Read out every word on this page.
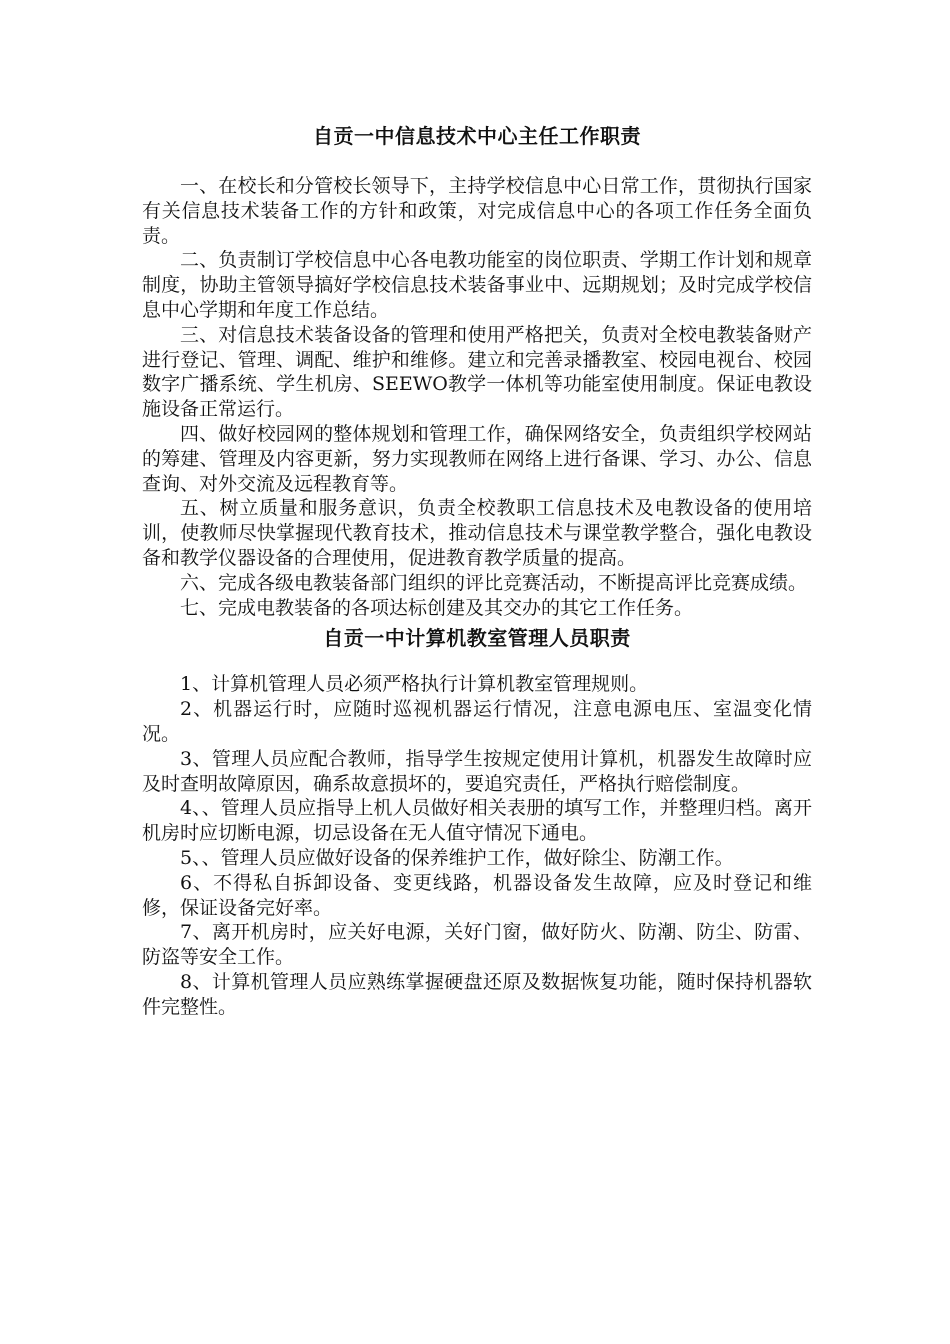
自贡一中信息技术中心主任工作职责

一、在校长和分管校长领导下，主持学校信息中心日常工作，贯彻执行国家有关信息技术装备工作的方针和政策，对完成信息中心的各项工作任务全面负责。

二、负责制订学校信息中心各电教功能室的岗位职责、学期工作计划和规章制度，协助主管领导搞好学校信息技术装备事业中、远期规划；及时完成学校信息中心学期和年度工作总结。

三、对信息技术装备设备的管理和使用严格把关，负责对全校电教装备财产进行登记、管理、调配、维护和维修。建立和完善录播教室、校园电视台、校园数字广播系统、学生机房、SEEWO教学一体机等功能室使用制度。保证电教设施设备正常运行。

四、做好校园网的整体规划和管理工作，确保网络安全，负责组织学校网站的筹建、管理及内容更新，努力实现教师在网络上进行备课、学习、办公、信息查询、对外交流及远程教育等。

五、树立质量和服务意识，负责全校教职工信息技术及电教设备的使用培训，使教师尽快掌握现代教育技术，推动信息技术与课堂教学整合，强化电教设备和教学仪器设备的合理使用，促进教育教学质量的提高。

六、完成各级电教装备部门组织的评比竞赛活动，不断提高评比竞赛成绩。

七、完成电教装备的各项达标创建及其交办的其它工作任务。

自贡一中计算机教室管理人员职责

1、计算机管理人员必须严格执行计算机教室管理规则。

2、机器运行时，应随时巡视机器运行情况，注意电源电压、室温变化情况。

3、管理人员应配合教师，指导学生按规定使用计算机，机器发生故障时应及时查明故障原因，确系故意损坏的，要追究责任，严格执行赔偿制度。

4、、管理人员应指导上机人员做好相关表册的填写工作，并整理归档。离开机房时应切断电源，切忌设备在无人值守情况下通电。

5、、管理人员应做好设备的保养维护工作，做好除尘、防潮工作。

6、不得私自拆卸设备、变更线路，机器设备发生故障，应及时登记和维修，保证设备完好率。

7、离开机房时，应关好电源，关好门窗，做好防火、防潮、防尘、防雷、防盗等安全工作。

8、计算机管理人员应熟练掌握硬盘还原及数据恢复功能，随时保持机器软件完整性。
